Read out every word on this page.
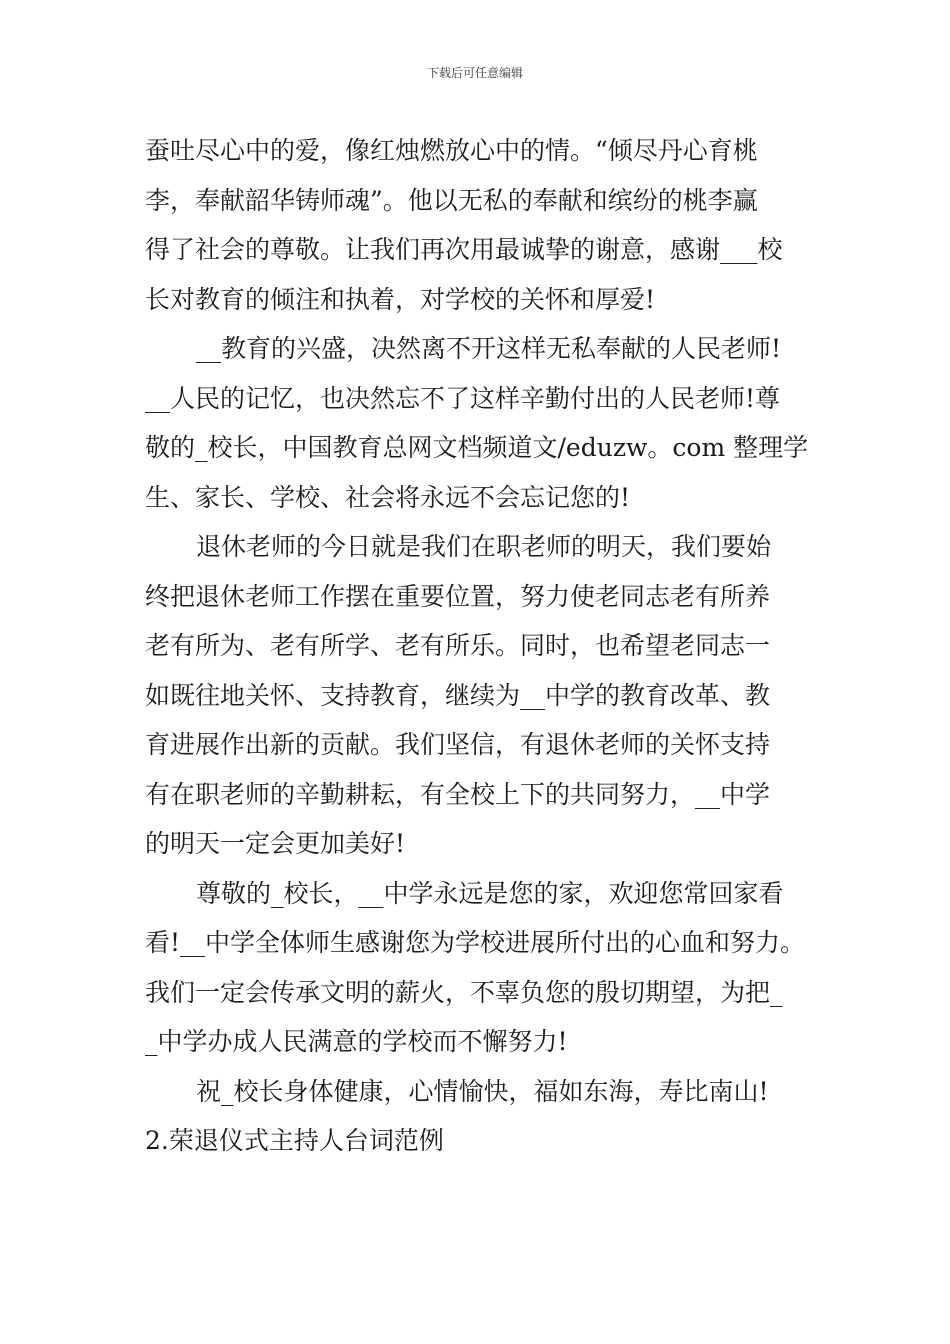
下载后可任意编辑
蚕吐尽心中的爱，像红烛燃放心中的情。“倾尽丹心育桃
李，奉献韶华铸师魂”。他以无私的奉献和缤纷的桃李赢
得了社会的尊敬。让我们再次用最诚挚的谢意，感谢___校
长对教育的倾注和执着，对学校的关怀和厚爱!
__教育的兴盛，决然离不开这样无私奉献的人民老师!
__人民的记忆，也决然忘不了这样辛勤付出的人民老师!尊
敬的_校长，中国教育总网文档频道文/eduzw。com 整理学
生、家长、学校、社会将永远不会忘记您的!
退休老师的今日就是我们在职老师的明天，我们要始
终把退休老师工作摆在重要位置，努力使老同志老有所养
老有所为、老有所学、老有所乐。同时，也希望老同志一
如既往地关怀、支持教育，继续为__中学的教育改革、教
育进展作出新的贡献。我们坚信，有退休老师的关怀支持
有在职老师的辛勤耕耘，有全校上下的共同努力，__中学
的明天一定会更加美好!
尊敬的_校长，__中学永远是您的家，欢迎您常回家看
看!__中学全体师生感谢您为学校进展所付出的心血和努力。
我们一定会传承文明的薪火，不辜负您的殷切期望，为把_
_中学办成人民满意的学校而不懈努力!
祝_校长身体健康，心情愉快，福如东海，寿比南山!
2.荣退仪式主持人台词范例
